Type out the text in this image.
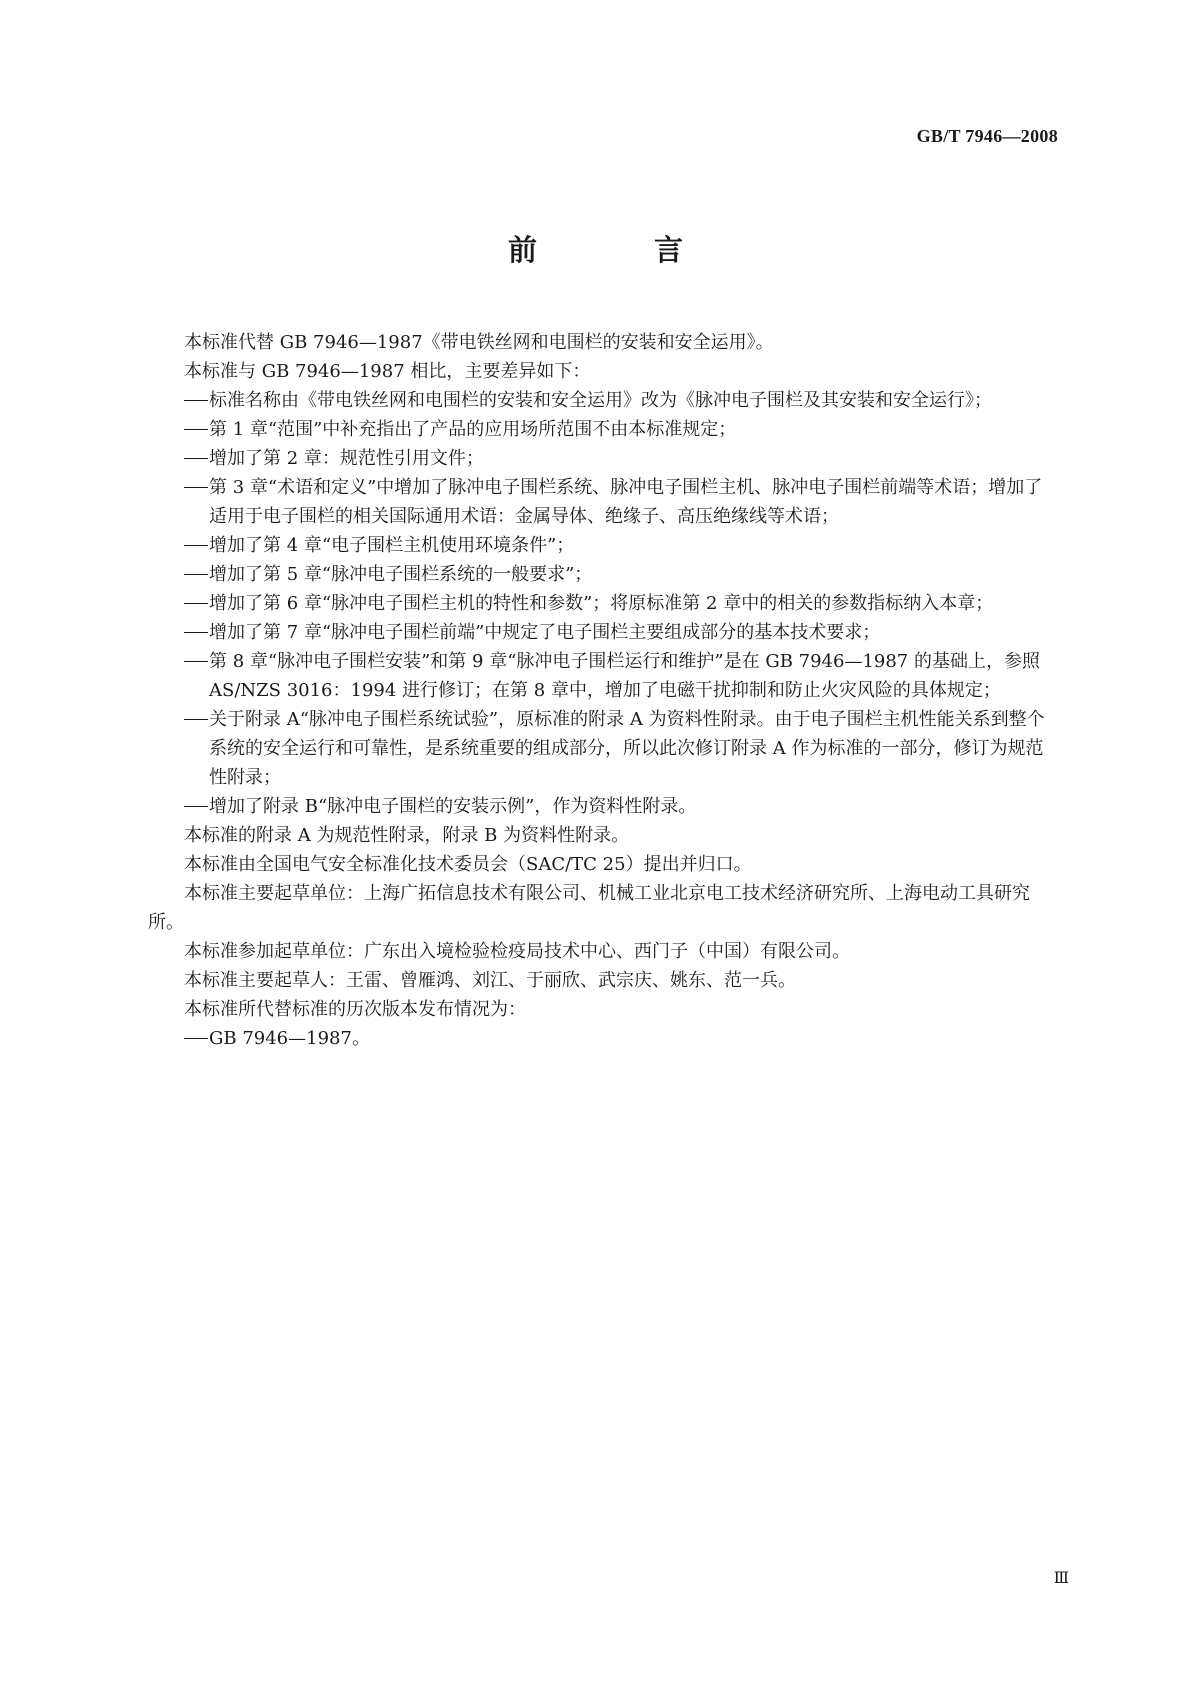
GB/T 7946—2008
前　言

本标准代替 GB 7946—1987《带电铁丝网和电围栏的安装和安全运用》。

本标准与 GB 7946—1987 相比，主要差异如下：

标准名称由《带电铁丝网和电围栏的安装和安全运用》改为《脉冲电子围栏及其安装和安全运行》；

第 1 章“范围”中补充指出了产品的应用场所范围不由本标准规定；

增加了第 2 章：规范性引用文件；

第 3 章“术语和定义”中增加了脉冲电子围栏系统、脉冲电子围栏主机、脉冲电子围栏前端等术语；增加了适用于电子围栏的相关国际通用术语：金属导体、绝缘子、高压绝缘线等术语；

增加了第 4 章“电子围栏主机使用环境条件”；

增加了第 5 章“脉冲电子围栏系统的一般要求”；

增加了第 6 章“脉冲电子围栏主机的特性和参数”；将原标准第 2 章中的相关的参数指标纳入本章；

增加了第 7 章“脉冲电子围栏前端”中规定了电子围栏主要组成部分的基本技术要求；

第 8 章“脉冲电子围栏安装”和第 9 章“脉冲电子围栏运行和维护”是在 GB 7946—1987 的基础上，参照 AS/NZS 3016：1994 进行修订；在第 8 章中，增加了电磁干扰抑制和防止火灾风险的具体规定；

关于附录 A“脉冲电子围栏系统试验”，原标准的附录 A 为资料性附录。由于电子围栏主机性能关系到整个系统的安全运行和可靠性，是系统重要的组成部分，所以此次修订附录 A 作为标准的一部分，修订为规范性附录；

增加了附录 B“脉冲电子围栏的安装示例”，作为资料性附录。

本标准的附录 A 为规范性附录，附录 B 为资料性附录。

本标准由全国电气安全标准化技术委员会（SAC/TC 25）提出并归口。

本标准主要起草单位：上海广拓信息技术有限公司、机械工业北京电工技术经济研究所、上海电动工具研究所。

本标准参加起草单位：广东出入境检验检疫局技术中心、西门子（中国）有限公司。

本标准主要起草人：王雷、曾雁鸿、刘江、于丽欣、武宗庆、姚东、范一兵。

本标准所代替标准的历次版本发布情况为：

GB 7946—1987。

Ⅲ
